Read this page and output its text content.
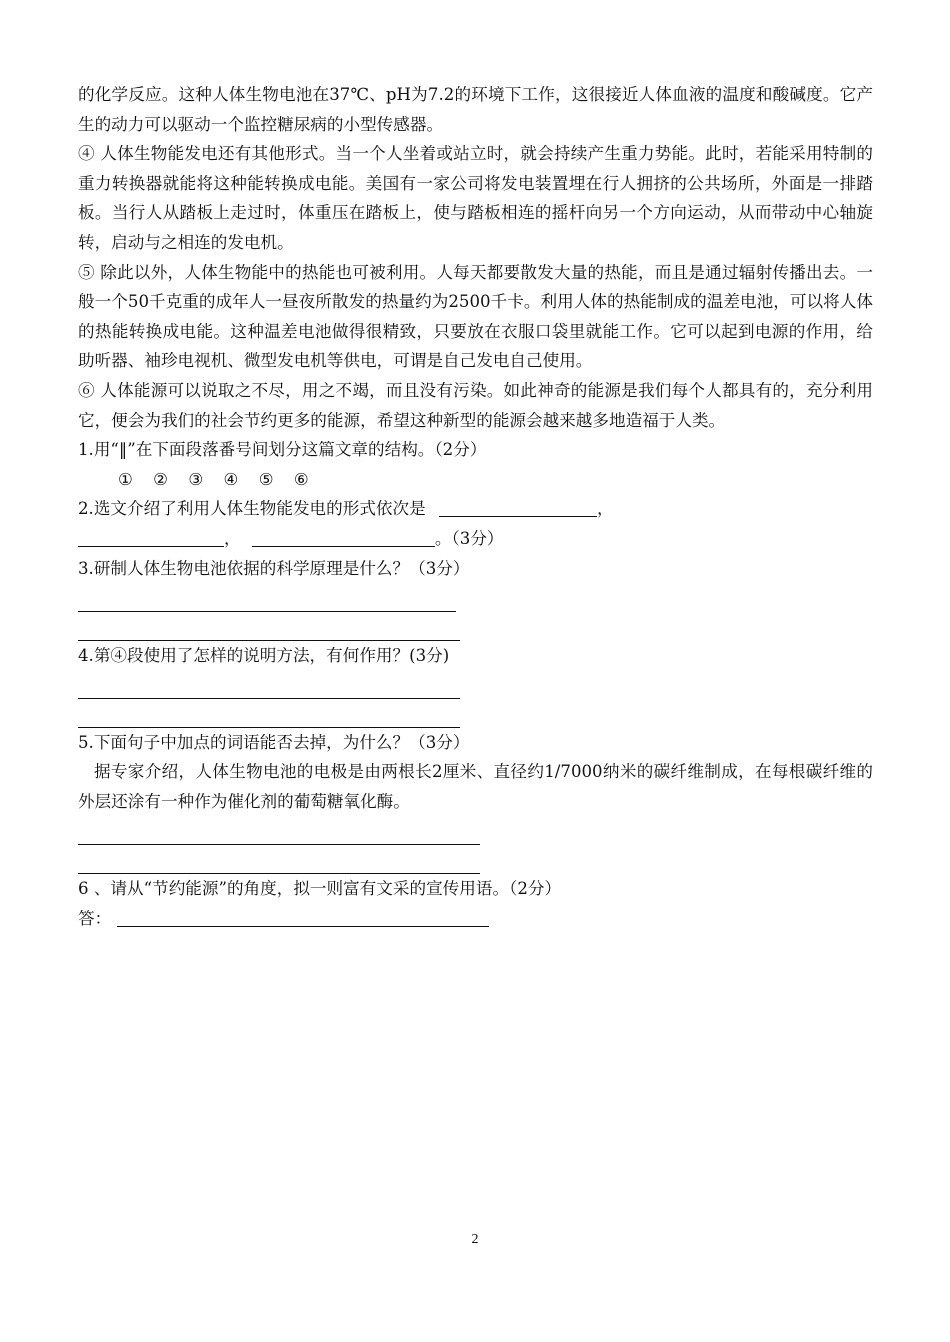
的化学反应。这种人体生物电池在37℃、pH为7.2的环境下工作，这很接近人体血液的温度和酸碱度。它产生的动力可以驱动一个监控糖尿病的小型传感器。

④ 人体生物能发电还有其他形式。当一个人坐着或站立时，就会持续产生重力势能。此时，若能采用特制的重力转换器就能将这种能转换成电能。美国有一家公司将发电装置埋在行人拥挤的公共场所，外面是一排踏板。当行人从踏板上走过时，体重压在踏板上，使与踏板相连的摇杆向另一个方向运动，从而带动中心轴旋转，启动与之相连的发电机。

⑤ 除此以外，人体生物能中的热能也可被利用。人每天都要散发大量的热能，而且是通过辐射传播出去。一般一个50千克重的成年人一昼夜所散发的热量约为2500千卡。利用人体的热能制成的温差电池，可以将人体的热能转换成电能。这种温差电池做得很精致，只要放在衣服口袋里就能工作。它可以起到电源的作用，给助听器、袖珍电视机、微型发电机等供电，可谓是自己发电自己使用。

⑥ 人体能源可以说取之不尽，用之不竭，而且没有污染。如此神奇的能源是我们每个人都具有的，充分利用它，便会为我们的社会节约更多的能源，希望这种新型的能源会越来越多地造福于人类。

1.用“‖”在下面段落番号间划分这篇文章的结构。（2分）

① ② ③ ④ ⑤ ⑥

2.选文介绍了利用人体生物能发电的形式依次是	，

，	。（3分）

3.研制人体生物电池依据的科学原理是什么？（3分）

4.第④段使用了怎样的说明方法，有何作用？(3分)

5.下面句子中加点的词语能否去掉，为什么？（3分）

据专家介绍，人体生物电池的电极是由两根长2厘米、直径约1/7000纳米的碳纤维制成，在每根碳纤维的外层还涂有一种作为催化剂的葡萄糖氧化酶。

6 、请从“节约能源”的角度，拟一则富有文采的宣传用语。（2分）

答：

2
